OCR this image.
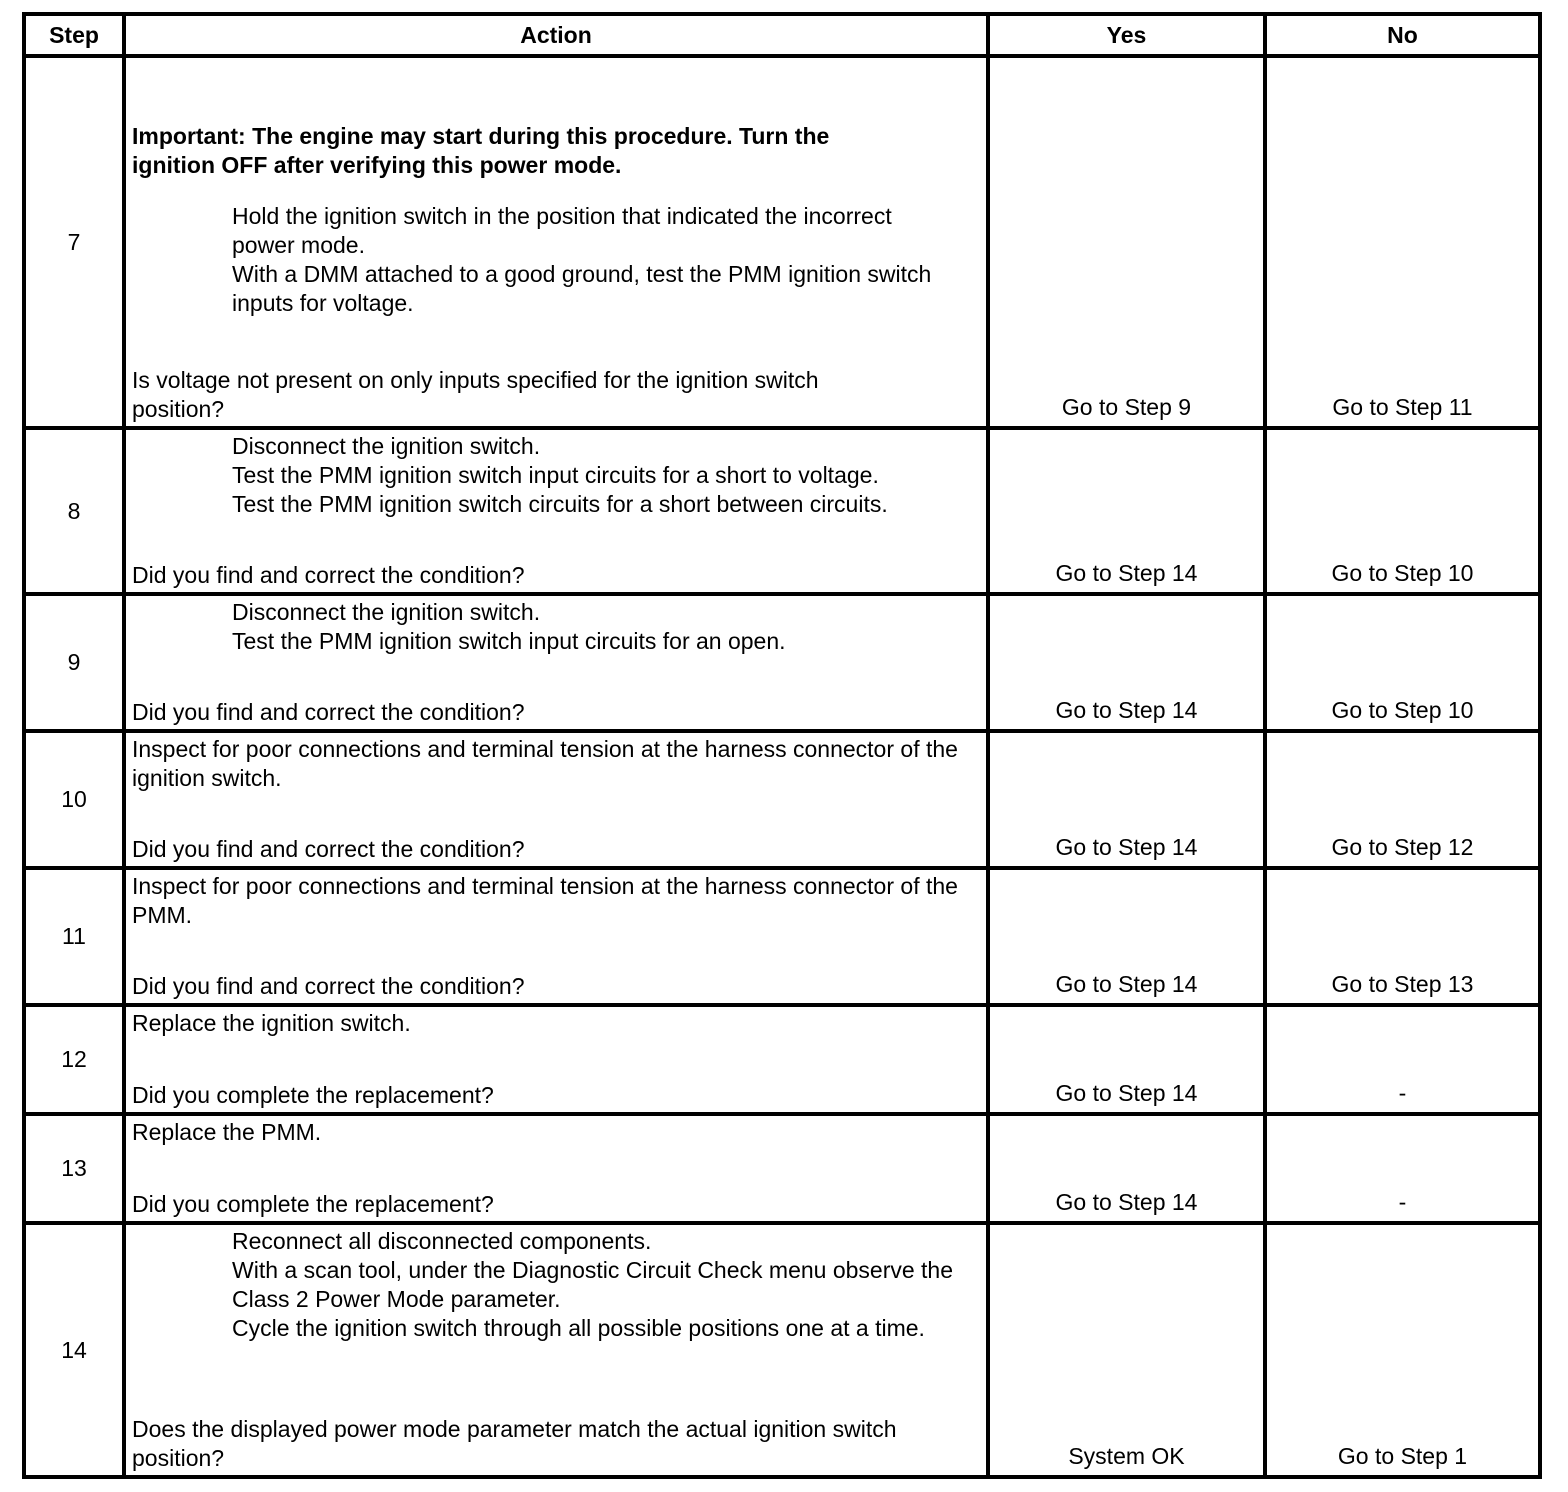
Step	Action	Yes	No
7	Important: The engine may start during this procedure. Turn the ignition OFF after verifying this power mode.
Hold the ignition switch in the position that indicated the incorrect power mode.
With a DMM attached to a good ground, test the PMM ignition switch inputs for voltage.
Is voltage not present on only inputs specified for the ignition switch position?	Go to Step 9	Go to Step 11
8	Disconnect the ignition switch.
Test the PMM ignition switch input circuits for a short to voltage.
Test the PMM ignition switch circuits for a short between circuits.
Did you find and correct the condition?	Go to Step 14	Go to Step 10
9	Disconnect the ignition switch.
Test the PMM ignition switch input circuits for an open.
Did you find and correct the condition?	Go to Step 14	Go to Step 10
10	Inspect for poor connections and terminal tension at the harness connector of the ignition switch.
Did you find and correct the condition?	Go to Step 14	Go to Step 12
11	Inspect for poor connections and terminal tension at the harness connector of the PMM.
Did you find and correct the condition?	Go to Step 14	Go to Step 13
12	Replace the ignition switch.
Did you complete the replacement?	Go to Step 14	-
13	Replace the PMM.
Did you complete the replacement?	Go to Step 14	-
14	Reconnect all disconnected components.
With a scan tool, under the Diagnostic Circuit Check menu observe the Class 2 Power Mode parameter.
Cycle the ignition switch through all possible positions one at a time.
Does the displayed power mode parameter match the actual ignition switch position?	System OK	Go to Step 1
